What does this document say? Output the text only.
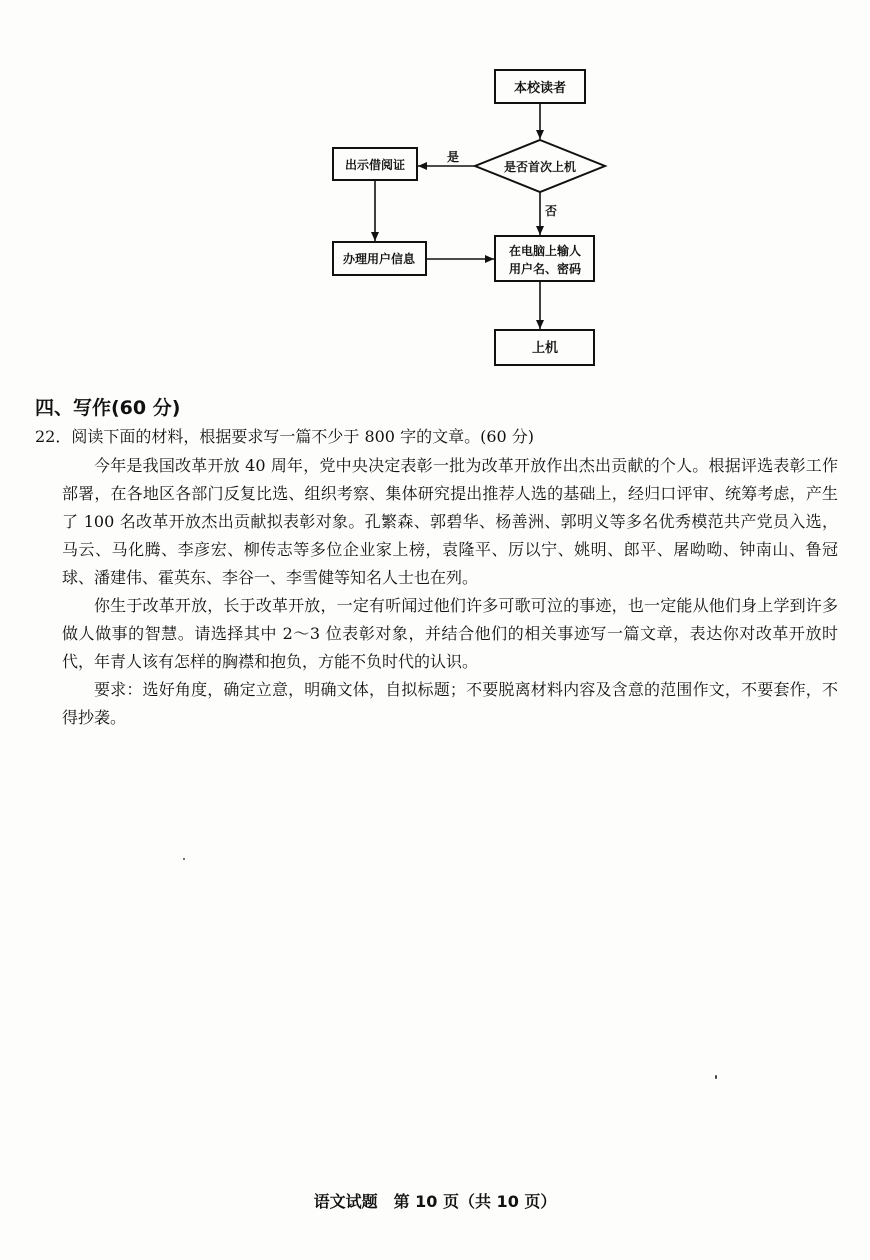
本校读者
是否首次上机
出示借阅证
办理用户信息
在电脑上输人
用户名、密码
上机
是
否
四、写作(60 分)

22．阅读下面的材料，根据要求写一篇不少于 800 字的文章。(60 分)

今年是我国改革开放 40 周年，党中央决定表彰一批为改革开放作出杰出贡献的个人。根据评选表彰工作部署，在各地区各部门反复比选、组织考察、集体研究提出推荐人选的基础上，经归口评审、统筹考虑，产生了 100 名改革开放杰出贡献拟表彰对象。孔繁森、郭碧华、杨善洲、郭明义等多名优秀模范共产党员入选，马云、马化腾、李彦宏、柳传志等多位企业家上榜，袁隆平、厉以宁、姚明、郎平、屠呦呦、钟南山、鲁冠球、潘建伟、霍英东、李谷一、李雪健等知名人士也在列。

你生于改革开放，长于改革开放，一定有听闻过他们许多可歌可泣的事迹，也一定能从他们身上学到许多做人做事的智慧。请选择其中 2～3 位表彰对象，并结合他们的相关事迹写一篇文章，表达你对改革开放时代，年青人该有怎样的胸襟和抱负，方能不负时代的认识。

要求：选好角度，确定立意，明确文体，自拟标题；不要脱离材料内容及含意的范围作文，不要套作，不得抄袭。

语文试题　第 10 页（共 10 页）
